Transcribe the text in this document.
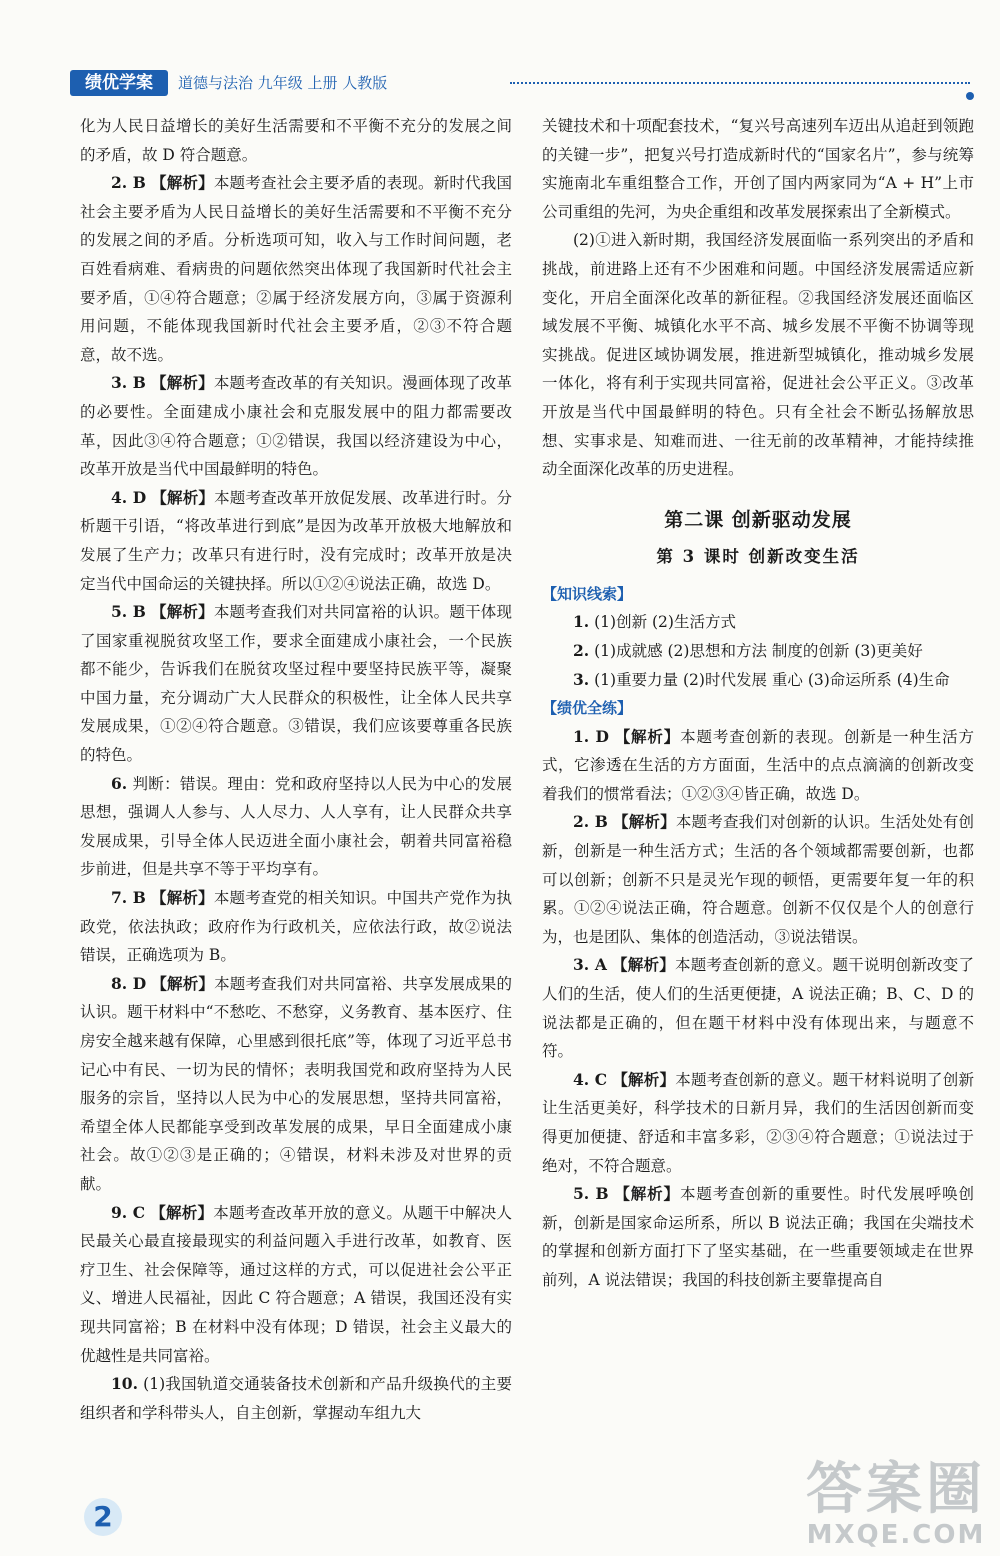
绩优学案	道德与法治 九年级 上册 人教版

化为人民日益增长的美好生活需要和不平衡不充分的发展之间的矛盾，故 D 符合题意。

2. B 【解析】本题考查社会主要矛盾的表现。新时代我国社会主要矛盾为人民日益增长的美好生活需要和不平衡不充分的发展之间的矛盾。分析选项可知，收入与工作时间问题，老百姓看病难、看病贵的问题依然突出体现了我国新时代社会主要矛盾，①④符合题意；②属于经济发展方向，③属于资源利用问题，不能体现我国新时代社会主要矛盾，②③不符合题意，故不选。

3. B 【解析】本题考查改革的有关知识。漫画体现了改革的必要性。全面建成小康社会和克服发展中的阻力都需要改革，因此③④符合题意；①②错误，我国以经济建设为中心，改革开放是当代中国最鲜明的特色。

4. D 【解析】本题考查改革开放促发展、改革进行时。分析题干引语，“将改革进行到底”是因为改革开放极大地解放和发展了生产力；改革只有进行时，没有完成时；改革开放是决定当代中国命运的关键抉择。所以①②④说法正确，故选 D。

5. B 【解析】本题考查我们对共同富裕的认识。题干体现了国家重视脱贫攻坚工作，要求全面建成小康社会，一个民族都不能少，告诉我们在脱贫攻坚过程中要坚持民族平等，凝聚中国力量，充分调动广大人民群众的积极性，让全体人民共享发展成果，①②④符合题意。③错误，我们应该要尊重各民族的特色。

6. 判断：错误。理由：党和政府坚持以人民为中心的发展思想，强调人人参与、人人尽力、人人享有，让人民群众共享发展成果，引导全体人民迈进全面小康社会，朝着共同富裕稳步前进，但是共享不等于平均享有。

7. B 【解析】本题考查党的相关知识。中国共产党作为执政党，依法执政；政府作为行政机关，应依法行政，故②说法错误，正确选项为 B。

8. D 【解析】本题考查我们对共同富裕、共享发展成果的认识。题干材料中“不愁吃、不愁穿，义务教育、基本医疗、住房安全越来越有保障，心里感到很托底”等，体现了习近平总书记心中有民、一切为民的情怀；表明我国党和政府坚持为人民服务的宗旨，坚持以人民为中心的发展思想，坚持共同富裕，希望全体人民都能享受到改革发展的成果，早日全面建成小康社会。故①②③是正确的；④错误，材料未涉及对世界的贡献。

9. C 【解析】本题考查改革开放的意义。从题干中解决人民最关心最直接最现实的利益问题入手进行改革，如教育、医疗卫生、社会保障等，通过这样的方式，可以促进社会公平正义、增进人民福祉，因此 C 符合题意；A 错误，我国还没有实现共同富裕；B 在材料中没有体现；D 错误，社会主义最大的优越性是共同富裕。

10. (1)我国轨道交通装备技术创新和产品升级换代的主要组织者和学科带头人，自主创新，掌握动车组九大

关键技术和十项配套技术，“复兴号高速列车迈出从追赶到领跑的关键一步”，把复兴号打造成新时代的“国家名片”，参与统筹实施南北车重组整合工作，开创了国内两家同为“A + H”上市公司重组的先河，为央企重组和改革发展探索出了全新模式。

(2)①进入新时期，我国经济发展面临一系列突出的矛盾和挑战，前进路上还有不少困难和问题。中国经济发展需适应新变化，开启全面深化改革的新征程。②我国经济发展还面临区域发展不平衡、城镇化水平不高、城乡发展不平衡不协调等现实挑战。促进区域协调发展，推进新型城镇化，推动城乡发展一体化，将有利于实现共同富裕，促进社会公平正义。③改革开放是当代中国最鲜明的特色。只有全社会不断弘扬解放思想、实事求是、知难而进、一往无前的改革精神，才能持续推动全面深化改革的历史进程。

第二课 创新驱动发展
第 3 课时 创新改变生活
【知识线索】

1. (1)创新 (2)生活方式

2. (1)成就感 (2)思想和方法 制度的创新 (3)更美好

3. (1)重要力量 (2)时代发展 重心 (3)命运所系 (4)生命

【绩优全练】

1. D 【解析】本题考查创新的表现。创新是一种生活方式，它渗透在生活的方方面面，生活中的点点滴滴的创新改变着我们的惯常看法；①②③④皆正确，故选 D。

2. B 【解析】本题考查我们对创新的认识。生活处处有创新，创新是一种生活方式；生活的各个领域都需要创新，也都可以创新；创新不只是灵光乍现的顿悟，更需要年复一年的积累。①②④说法正确，符合题意。创新不仅仅是个人的创意行为，也是团队、集体的创造活动，③说法错误。

3. A 【解析】本题考查创新的意义。题干说明创新改变了人们的生活，使人们的生活更便捷，A 说法正确；B、C、D 的说法都是正确的，但在题干材料中没有体现出来，与题意不符。

4. C 【解析】本题考查创新的意义。题干材料说明了创新让生活更美好，科学技术的日新月异，我们的生活因创新而变得更加便捷、舒适和丰富多彩，②③④符合题意；①说法过于绝对，不符合题意。

5. B 【解析】本题考查创新的重要性。时代发展呼唤创新，创新是国家命运所系，所以 B 说法正确；我国在尖端技术的掌握和创新方面打下了坚实基础，在一些重要领域走在世界前列，A 说法错误；我国的科技创新主要靠提高自

2	答案圈
MXQE.COM
